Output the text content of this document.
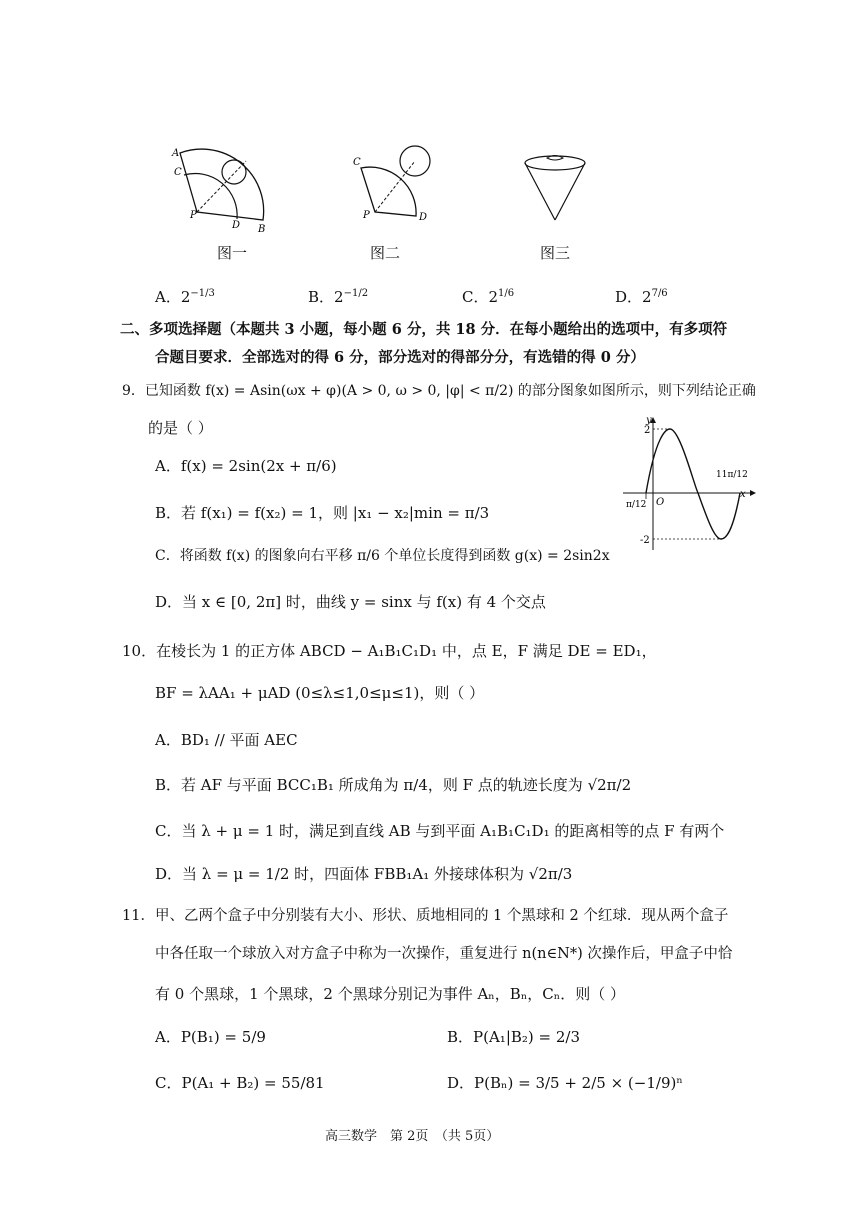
A
C
P
D B
图一
C
P	D
图二	图三
A．$2^{-1/3}$	B．$2^{-1/2}$	C．$2^{1/6}$	D．$2^{7/6}$
二、多项选择题（本题共 3 小题，每小题 6 分，共 18 分．在每小题给出的选项中，有多项符
合题目要求．全部选对的得 6 分，部分选对的得部分分，有选错的得 0 分）
9．已知函数 f(x) = Asin(ωx + φ)(A > 0, ω > 0, |φ| < π/2) 的部分图象如图所示，则下列结论正确
的是（ ）
A．f(x) = 2sin(2x + π/6)
B．若 f(x₁) = f(x₂) = 1，则 |x₁ − x₂|min = π/3
C．将函数 f(x) 的图象向右平移 π/6 个单位长度得到函数 g(x) = 2sin2x
D．当 x ∈ [0, 2π] 时，曲线 y = sinx 与 f(x) 有 4 个交点
y
x
O
2
-2
π/12
11π/12
10．在棱长为 1 的正方体 ABCD − A₁B₁C₁D₁ 中，点 E，F 满足 DE = ED₁，
BF = λAA₁ + μAD (0≤λ≤1,0≤μ≤1)，则（ ）
A．BD₁ // 平面 AEC
B．若 AF 与平面 BCC₁B₁ 所成角为 π/4，则 F 点的轨迹长度为 √2π/2
C．当 λ + μ = 1 时，满足到直线 AB 与到平面 A₁B₁C₁D₁ 的距离相等的点 F 有两个
D．当 λ = μ = 1/2 时，四面体 FBB₁A₁ 外接球体积为 √2π/3
11．甲、乙两个盒子中分别装有大小、形状、质地相同的 1 个黑球和 2 个红球．现从两个盒子
中各任取一个球放入对方盒子中称为一次操作，重复进行 n(n∈N*) 次操作后，甲盒子中恰
有 0 个黑球，1 个黑球，2 个黑球分别记为事件 Aₙ，Bₙ，Cₙ．则（ ）
A．P(B₁) = 5/9	B．P(A₁|B₂) = 2/3
C．P(A₁ + B₂) = 55/81	D．P(Bₙ) = 3/5 + 2/5 × (−1/9)ⁿ
高三数学　第 2页　（共 5页）
